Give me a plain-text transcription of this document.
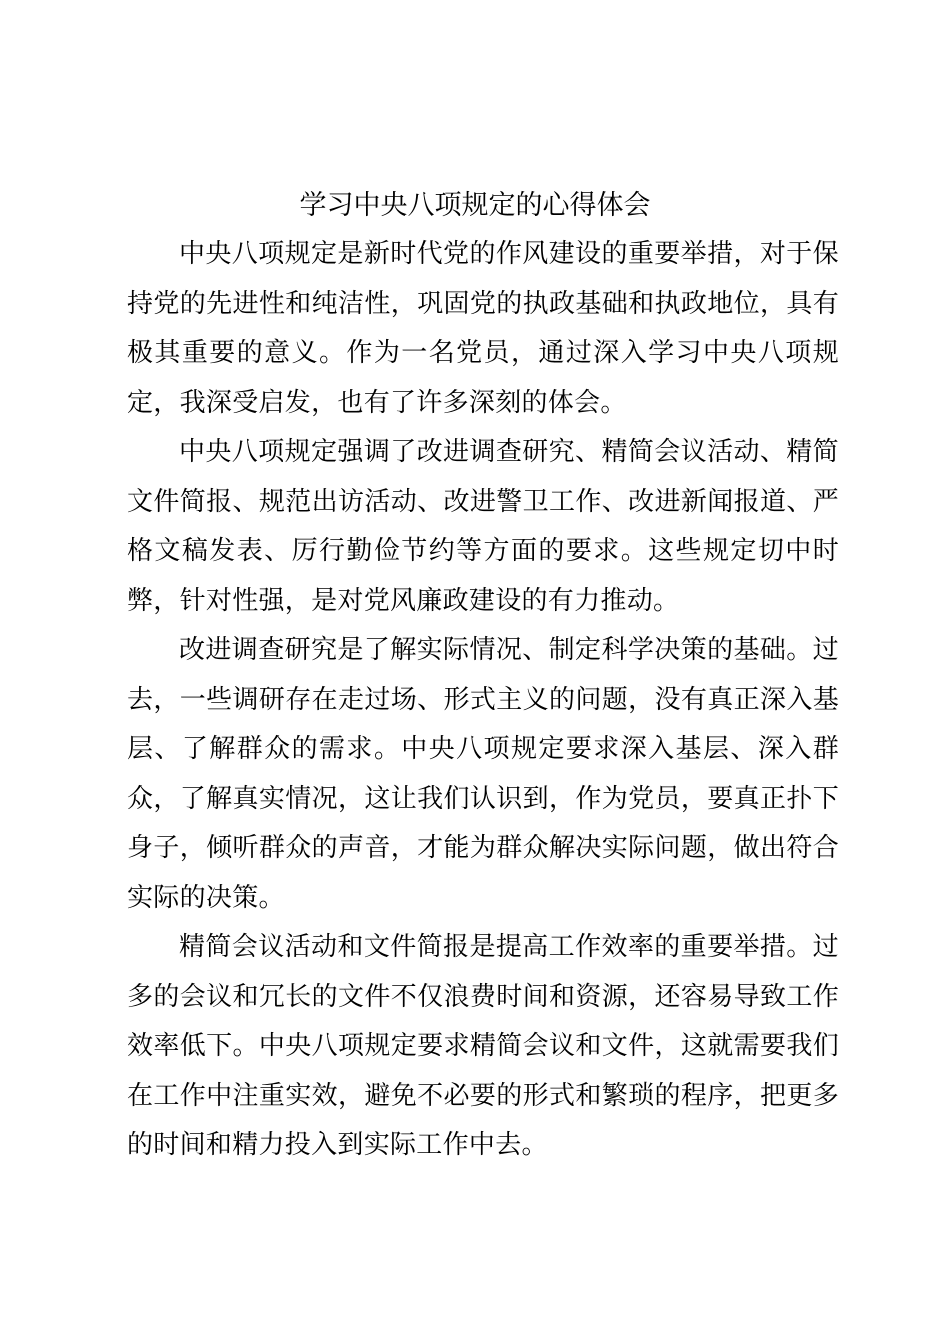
学习中央八项规定的心得体会

中央八项规定是新时代党的作风建设的重要举措，对于保持党的先进性和纯洁性，巩固党的执政基础和执政地位，具有极其重要的意义。作为一名党员，通过深入学习中央八项规定，我深受启发，也有了许多深刻的体会。

中央八项规定强调了改进调查研究、精简会议活动、精简文件简报、规范出访活动、改进警卫工作、改进新闻报道、严格文稿发表、厉行勤俭节约等方面的要求。这些规定切中时弊，针对性强，是对党风廉政建设的有力推动。

改进调查研究是了解实际情况、制定科学决策的基础。过去，一些调研存在走过场、形式主义的问题，没有真正深入基层、了解群众的需求。中央八项规定要求深入基层、深入群众，了解真实情况，这让我们认识到，作为党员，要真正扑下身子，倾听群众的声音，才能为群众解决实际问题，做出符合实际的决策。

精简会议活动和文件简报是提高工作效率的重要举措。过多的会议和冗长的文件不仅浪费时间和资源，还容易导致工作效率低下。中央八项规定要求精简会议和文件，这就需要我们在工作中注重实效，避免不必要的形式和繁琐的程序，把更多的时间和精力投入到实际工作中去。
